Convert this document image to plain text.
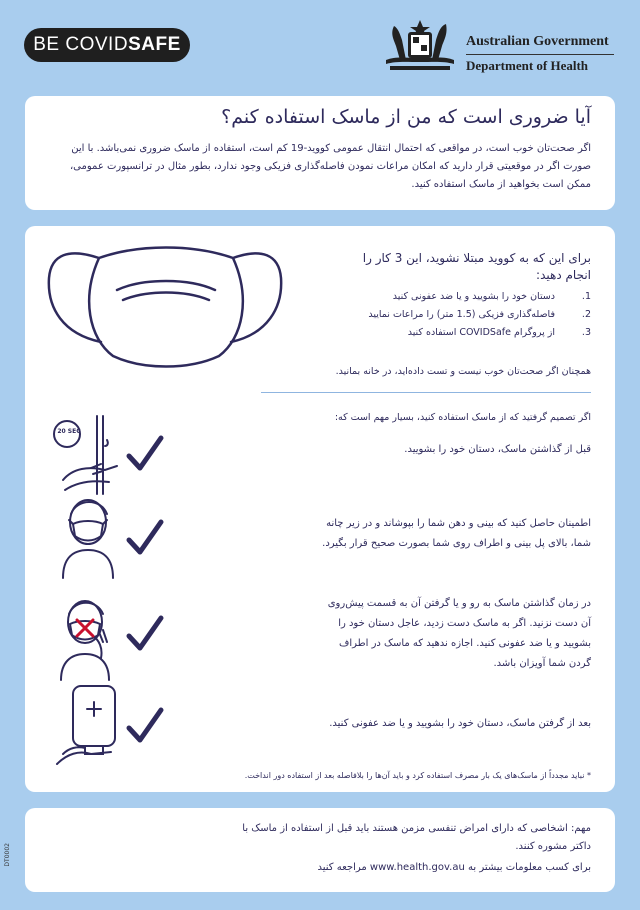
BE COVIDSAFE	Australian Government
Department of Health
آیا ضروری است که من از ماسک استفاده کنم؟
اگر صحت‌تان خوب است، در مواقعی که احتمال انتقال عمومی کووید-19 کم است، استفاده از ماسک ضروری نمی‌باشد. با این صورت اگر در موقعیتی قرار دارید که امکان مراعات نمودن فاصله‌گذاری فزیکی وجود ندارد، بطور مثال در ترانسپورت عمومی، ممکن است بخواهید از ماسک استفاده کنید.
برای این که به کووید مبتلا نشوید، این 3 کار را انجام دهید:
1.
دستان خود را بشویید و یا ضد عفونی کنید
2.
فاصله‌گذاری فزیکی (1.5 متر) را مراعات نمایید
3.
از پروگرام COVIDSafe استفاده کنید
همچنان اگر صحت‌تان خوب نیست و تست داده‌اید، در خانه بمانید.
اگر تصمیم گرفتید که از ماسک استفاده کنید، بسیار مهم است که:
20 SEC
قبل از گذاشتن ماسک، دستان خود را بشویید.
اطمینان حاصل کنید که بینی و دهن شما را بپوشاند و در زیر چانه شما، بالای پل بینی و اطراف روی شما بصورت صحیح قرار بگیرد.
در زمان گذاشتن ماسک به رو و یا گرفتن آن به قسمت پیش‌روی آن دست نزنید. اگر به ماسک دست زدید، عاجل دستان خود را بشویید و یا ضد عفونی کنید. اجازه ندهید که ماسک در اطراف گردن شما آویزان باشد.
بعد از گرفتن ماسک، دستان خود را بشویید و یا ضد عفونی کنید.
* نباید مجدداً از ماسک‌های یک بار مصرف استفاده کرد و باید آن‌ها را بلافاصله بعد از استفاده دور انداخت.
مهم: اشخاصی که دارای امراض تنفسی مزمن هستند باید قبل از استفاده از ماسک با داکتر مشوره کنند.
برای کسب معلومات بیشتر به www.health.gov.au مراجعه کنید
DT0002
